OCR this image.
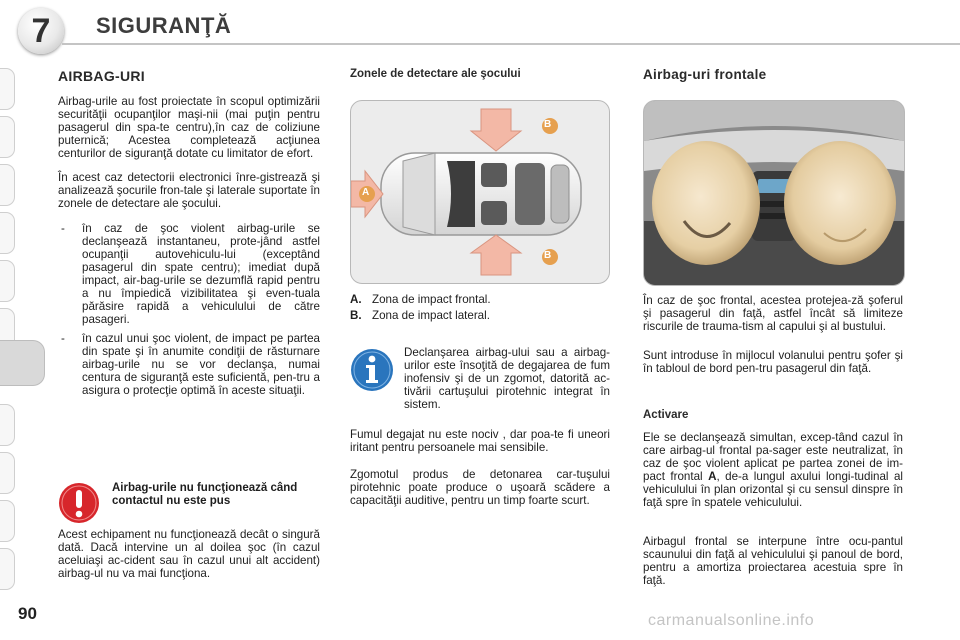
7	SIGURANŢĂ
AIRBAG-URI

Airbag-urile au fost proiectate în scopul optimizării securităţii ocupanţilor maşi-nii (mai puţin pentru pasagerul din spa-te centru),în caz de coliziune puternică; Acestea completează acţiunea centurilor de siguranţă dotate cu limitator de efort.

În acest caz detectorii electronici înre-gistrează şi analizează şocurile fron-tale şi laterale suportate în zonele de detectare ale şocului.

- în caz de şoc violent airbag-urile se declanşează instantaneu, prote-jând astfel ocupanţii autovehiculu-lui (exceptând pasagerul din spate centru); imediat după impact, air-bag-urile se dezumflă rapid pentru a nu împiedică vizibilitatea şi even-tuala părăsire rapidă a vehiculului de către pasageri.
- în cazul unui şoc violent, de impact pe partea din spate şi în anumite condiţii de răsturnare airbag-urile nu se vor declanşa, numai centura de siguranţă este suficientă, pen-tru a asigura o protecţie optimă în aceste situaţii.
Airbag-urile nu funcţionează când contactul nu este pus

Acest echipament nu funcţionează decât o singură dată. Dacă intervine un al doilea şoc (în cazul aceluiaşi ac-cident sau în cazul unui alt accident) airbag-ul nu va mai funcţiona.

Zonele de detectare ale şocului
B
B
A
A. Zona de impact frontal.
B. Zona de impact lateral.

Declanşarea airbag-ului sau a airbag-urilor este însoţită de degajarea de fum inofensiv şi de un zgomot, datorită ac-tivării cartuşului pirotehnic integrat în sistem.

Fumul degajat nu este nociv , dar poa-te fi uneori iritant pentru persoanele mai sensibile.

Zgomotul produs de detonarea car-tuşului pirotehnic poate produce o uşoară scădere a capacităţii auditive, pentru un timp foarte scurt.

Airbag-uri frontale

În caz de şoc frontal, acestea protejea-ză şoferul şi pasagerul din faţă, astfel încât să limiteze riscurile de trauma-tism al capului şi al bustului.

Sunt introduse în mijlocul volanului pentru şofer şi în tabloul de bord pen-tru pasagerul din faţă.

Activare

Ele se declanşează simultan, excep-tând cazul în care airbag-ul frontal pa-sager este neutralizat, în caz de şoc violent aplicat pe partea zonei de im-pact frontal A, de-a lungul axului longi-tudinal al vehiculului în plan orizontal şi cu sensul dinspre în faţă spre în spatele vehiculului.

Airbagul frontal se interpune între ocu-pantul scaunului din faţă al vehiculului şi panoul de bord, pentru a amortiza proiectarea acestuia spre în faţă.

90	carmanualsonline.info
